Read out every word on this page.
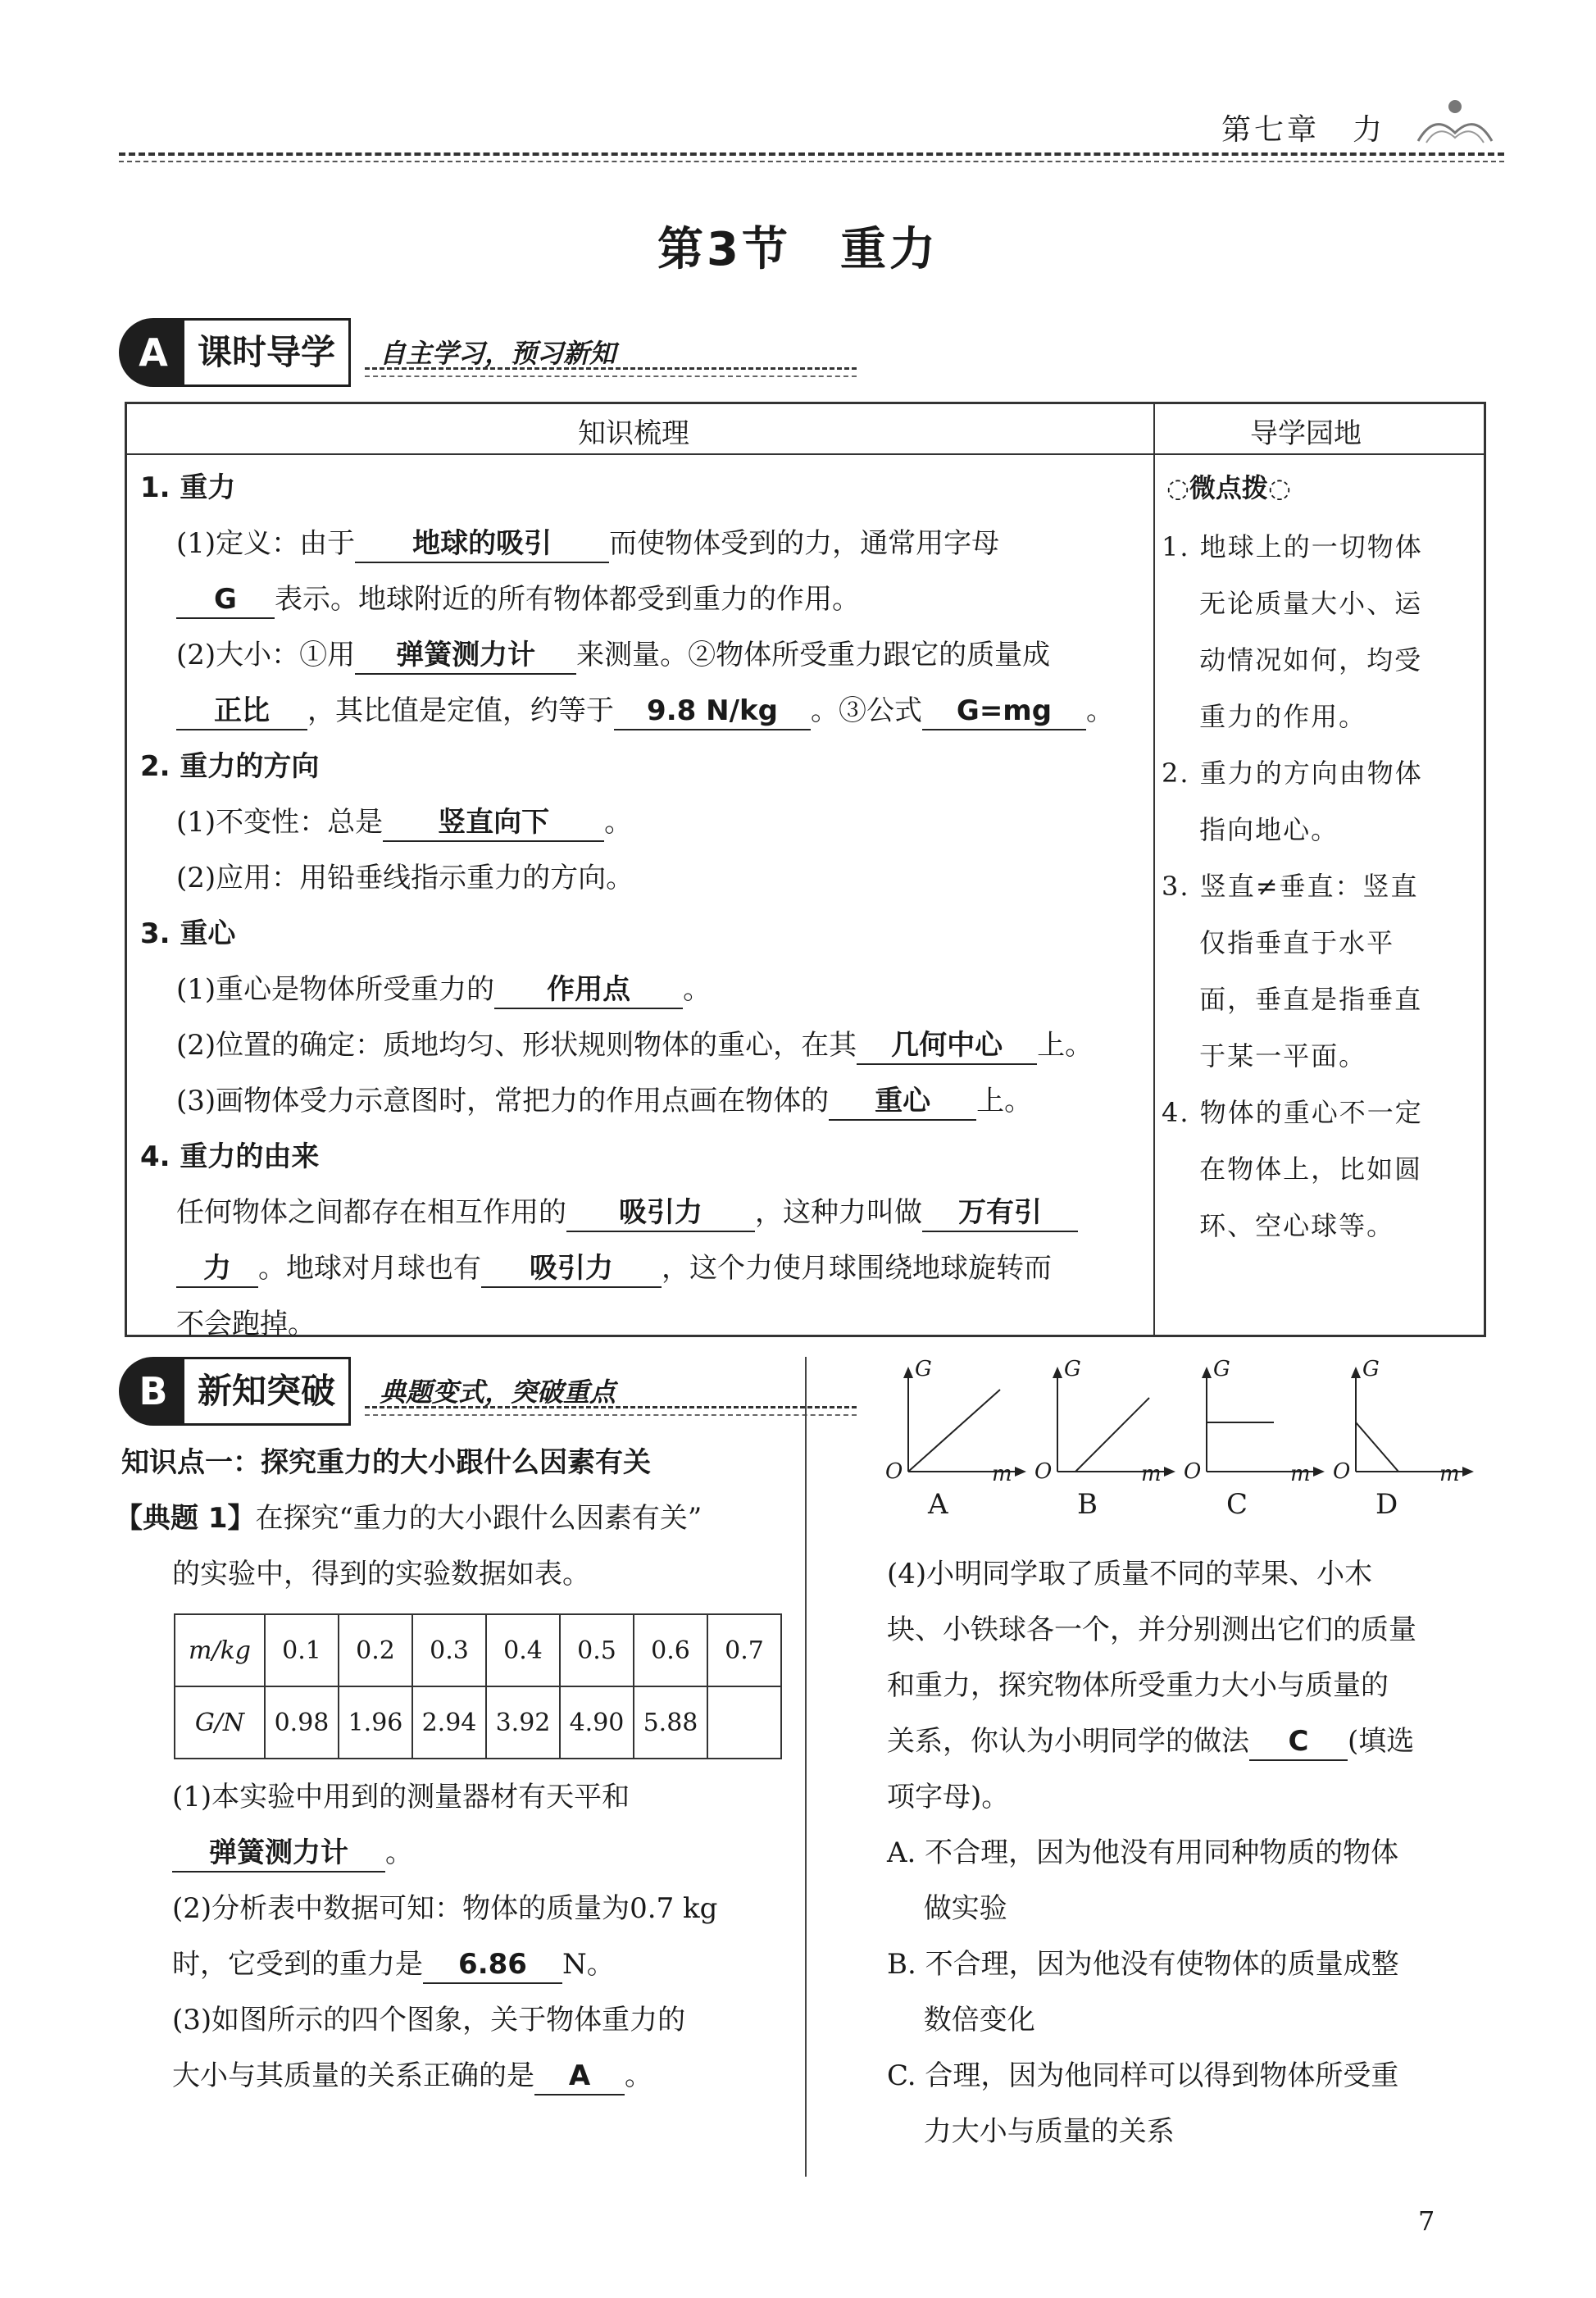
第七章　力
第3节　重力
A 课时导学	自主学习，预习新知
知识梳理	导学园地
1. 重力
(1)定义：由于 地球的吸引 而使物体受到的力，通常用字母
G 表示。地球附近的所有物体都受到重力的作用。
(2)大小：①用 弹簧测力计 来测量。②物体所受重力跟它的质量成
正比 ，其比值是定值，约等于 9.8 N/kg 。③公式 G=mg 。
2. 重力的方向
(1)不变性：总是 竖直向下 。
(2)应用：用铅垂线指示重力的方向。
3. 重心
(1)重心是物体所受重力的 作用点 。
(2)位置的确定：质地均匀、形状规则物体的重心，在其 几何中心 上。
(3)画物体受力示意图时，常把力的作用点画在物体的 重心 上。
4. 重力的由来
任何物体之间都存在相互作用的 吸引力 ，这种力叫做 万有引
力 。地球对月球也有 吸引力 ，这个力使月球围绕地球旋转而
不会跑掉。
◌微点拨◌
1. 地球上的一切物体
　 无论质量大小、运
　 动情况如何，均受
　 重力的作用。
2. 重力的方向由物体
　 指向地心。
3. 竖直≠垂直：竖直
　 仅指垂直于水平
　 面，垂直是指垂直
　 于某一平面。
4. 物体的重心不一定
　 在物体上，比如圆
　 环、空心球等。
B 新知突破	典题变式，突破重点
知识点一：探究重力的大小跟什么因素有关
【典题 1】在探究“重力的大小跟什么因素有关”
的实验中，得到的实验数据如表。
m/kg	0.1	0.2	0.3	0.4	0.5	0.6	0.7
G/N	0.98	1.96	2.94	3.92	4.90	5.88	
(1)本实验中用到的测量器材有天平和
弹簧测力计 。
(2)分析表中数据可知：物体的质量为0.7 kg
时，它受到的重力是 6.86 N。
(3)如图所示的四个图象，关于物体重力的
大小与其质量的关系正确的是 A 。
G
m
O
A
G
m
O
B
G
m
O
C
G
m
O
D
(4)小明同学取了质量不同的苹果、小木
块、小铁球各一个，并分别测出它们的质量
和重力，探究物体所受重力大小与质量的
关系，你认为小明同学的做法 C (填选
项字母)。
A. 不合理，因为他没有用同种物质的物体
　 做实验
B. 不合理，因为他没有使物体的质量成整
　 数倍变化
C. 合理，因为他同样可以得到物体所受重
　 力大小与质量的关系
7
